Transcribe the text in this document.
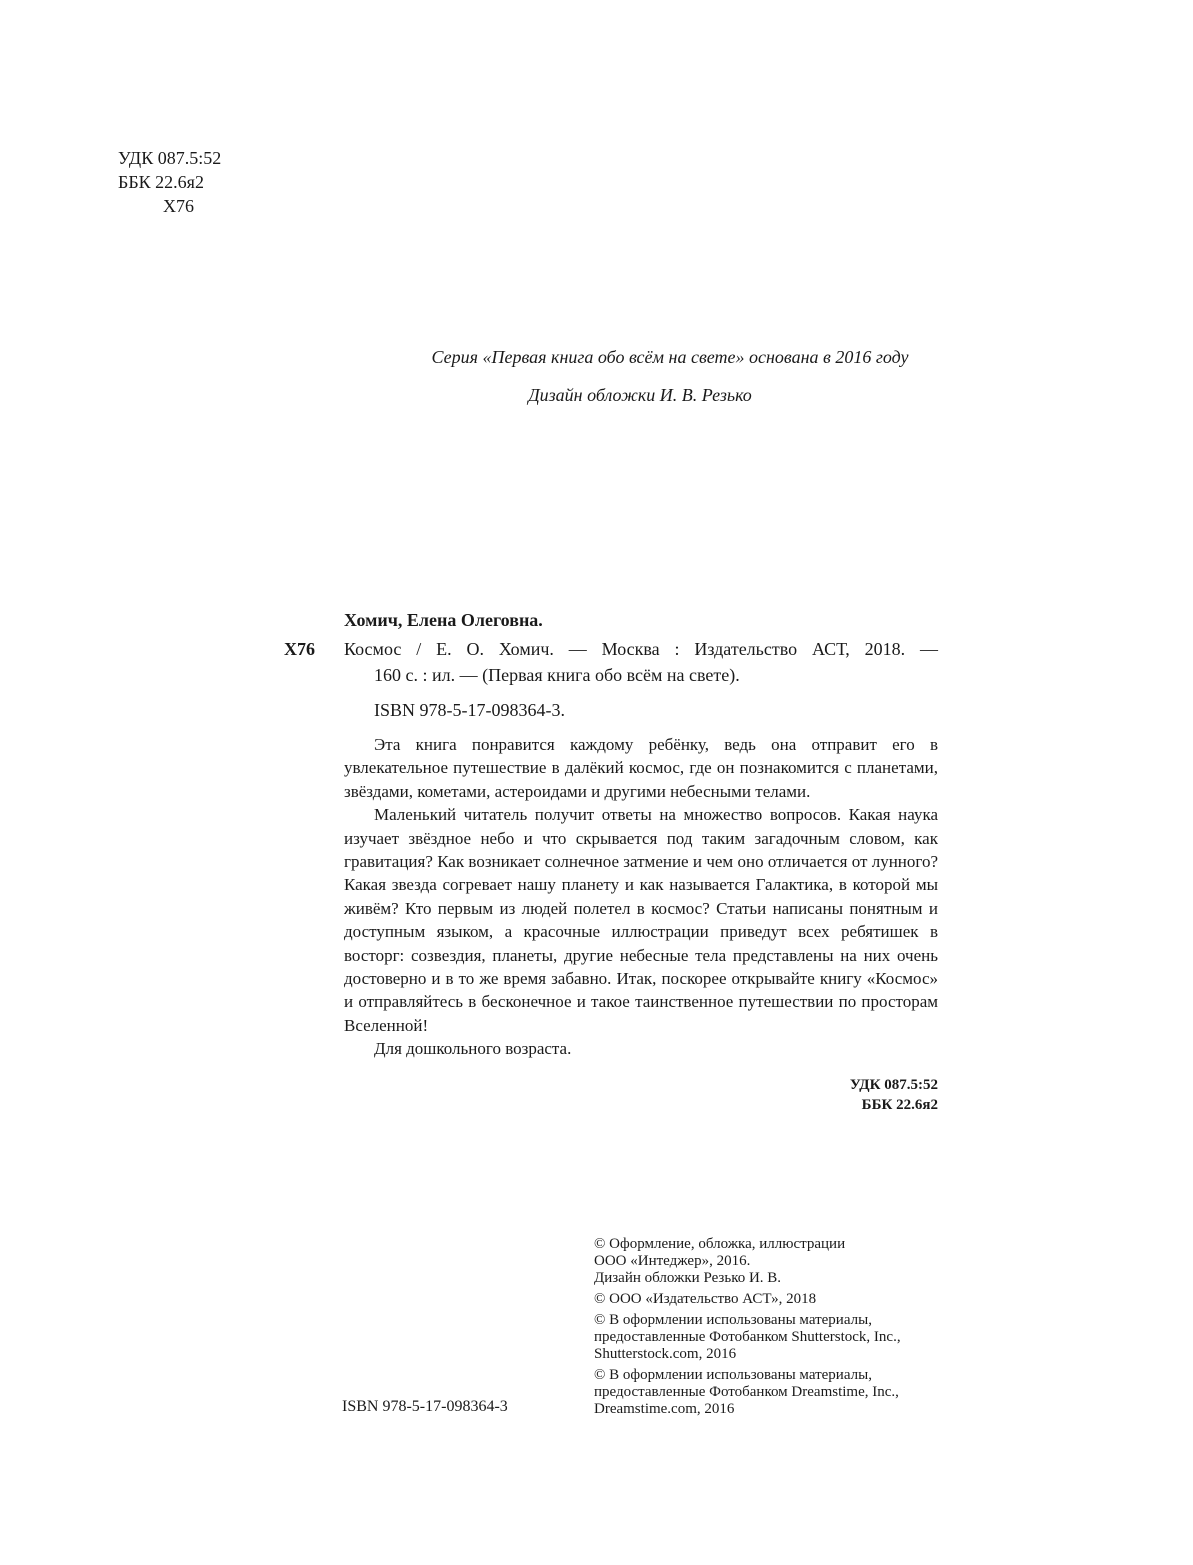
УДК 087.5:52
ББК 22.6я2
Х76
Серия «Первая книга обо всём на свете» основана в 2016 году
Дизайн обложки И. В. Резько
Хомич, Елена Олеговна.
Х76 Космос / Е. О. Хомич. — Москва : Издательство АСТ, 2018. —
160 с. : ил. — (Первая книга обо всём на свете).
ISBN 978-5-17-098364-3.

Эта книга понравится каждому ребёнку, ведь она отправит его в увлекательное путешествие в далёкий космос, где он познакомится с планетами, звёздами, кометами, астероидами и другими небесными телами.

Маленький читатель получит ответы на множество вопросов. Какая наука изучает звёздное небо и что скрывается под таким загадочным словом, как гравитация? Как возникает солнечное затмение и чем оно отличается от лунного? Какая звезда согревает нашу планету и как называется Галактика, в которой мы живём? Кто первым из людей полетел в космос? Статьи написаны понятным и доступным языком, а красочные иллюстрации приведут всех ребятишек в восторг: созвездия, планеты, другие небесные тела представлены на них очень достоверно и в то же время забавно. Итак, поскорее открывайте книгу «Космос» и отправляйтесь в бесконечное и такое таинственное путешествии по просторам Вселенной!

Для дошкольного возраста.

УДК 087.5:52
ББК 22.6я2
© Оформление, обложка, иллюстрации
ООО «Интеджер», 2016.
Дизайн обложки Резько И. В.
© ООО «Издательство АСТ», 2018
© В оформлении использованы материалы,
предоставленные Фотобанком Shutterstock, Inc.,
Shutterstock.com, 2016
© В оформлении использованы материалы,
предоставленные Фотобанком Dreamstime, Inc.,
Dreamstime.com, 2016
ISBN 978-5-17-098364-3
